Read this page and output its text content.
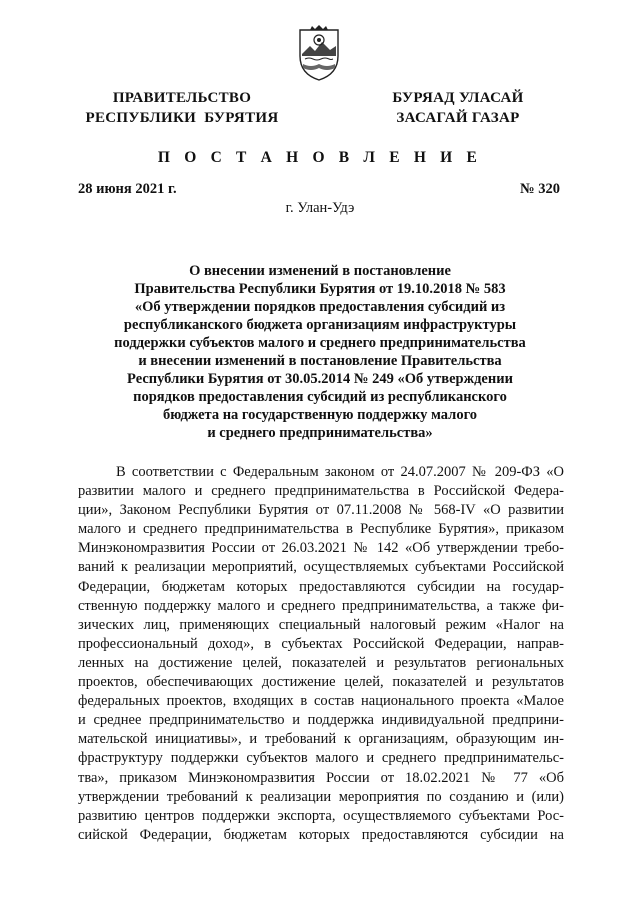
ПРАВИТЕЛЬСТВО
РЕСПУБЛИКИ  БУРЯТИЯ
БУРЯАД УЛАСАЙ
ЗАСАГАЙ ГАЗАР
П О С Т А Н О В Л Е Н И Е
28 июня 2021 г.	№ 320
г. Улан-Удэ
О внесении изменений в постановление
Правительства Республики Бурятия от 19.10.2018 № 583
«Об утверждении порядков предоставления субсидий из
республиканского бюджета организациям инфраструктуры
поддержки субъектов малого и среднего предпринимательства
и внесении изменений в постановление Правительства
Республики Бурятия от 30.05.2014 № 249 «Об утверждении
порядков предоставления субсидий из республиканского
бюджета на государственную поддержку малого
и среднего предпринимательства»
В соответствии с Федеральным законом от 24.07.2007 № 209-ФЗ «О
развитии малого и среднего предпринимательства в Российской Федера-
ции», Законом Республики Бурятия от 07.11.2008 № 568-IV «О развитии
малого и среднего предпринимательства в Республике Бурятия», приказом
Минэкономразвития России от 26.03.2021 № 142 «Об утверждении требо-
ваний к реализации мероприятий, осуществляемых субъектами Российской
Федерации, бюджетам которых предоставляются субсидии на государ-
ственную поддержку малого и среднего предпринимательства, а также фи-
зических лиц, применяющих специальный налоговый режим «Налог на
профессиональный доход», в субъектах Российской Федерации, направ-
ленных на достижение целей, показателей и результатов региональных
проектов, обеспечивающих достижение целей, показателей и результатов
федеральных проектов, входящих в состав национального проекта «Малое
и среднее предпринимательство и поддержка индивидуальной предприни-
мательской инициативы», и требований к организациям, образующим ин-
фраструктуру поддержки субъектов малого и среднего предпринимательс-
тва», приказом Минэкономразвития России от 18.02.2021 № 77 «Об
утверждении требований к реализации мероприятия по созданию и (или)
развитию центров поддержки экспорта, осуществляемого субъектами Рос-
сийской Федерации, бюджетам которых предоставляются субсидии на
